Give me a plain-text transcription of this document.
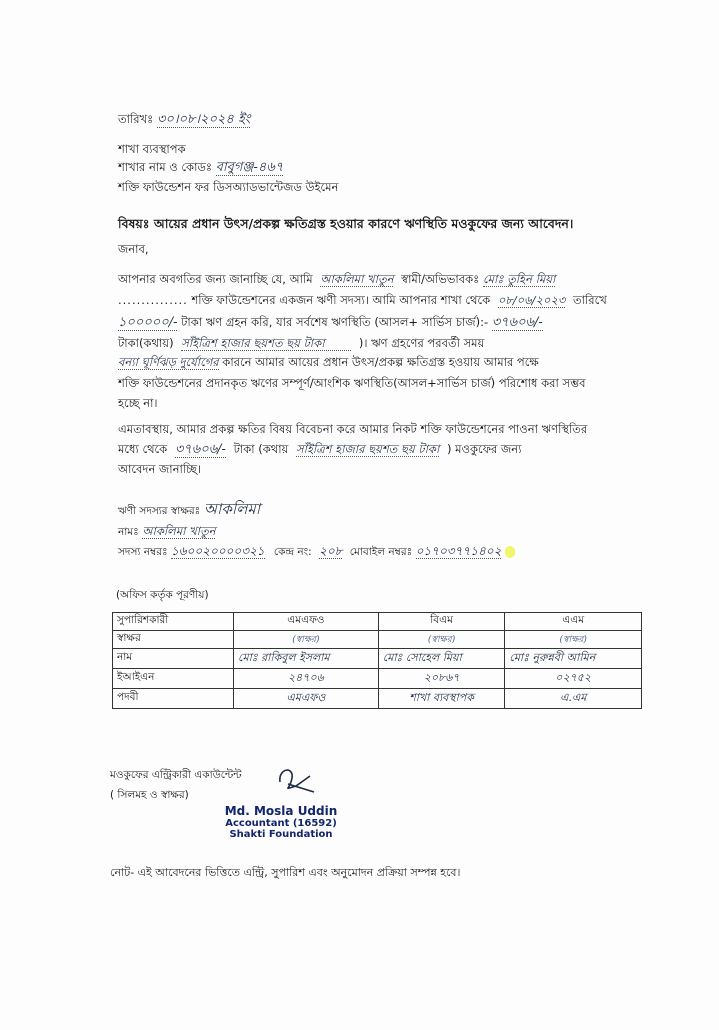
তারিখঃ ৩০।০৮।২০২৪ ইং
শাখা ব্যবস্থাপক
শাখার নাম ও কোডঃ বাবুগঞ্জ-৪৬৭
শক্তি ফাউন্ডেশন ফর ডিসঅ্যাডভান্টেজড উইমেন
বিষয়ঃ আয়ের প্রধান উৎস/প্রকল্প ক্ষতিগ্রস্ত হওয়ার কারণে ঋণস্থিতি মওকুফের জন্য আবেদন।
জনাব,
আপনার অবগতির জন্য জানাচ্ছি যে, আমি আকলিমা খাতুন স্বামী/অভিভাবকঃ মোঃ তুহিন মিয়া
............... শক্তি ফাউন্ডেশনের একজন ঋণী সদস্য। আমি আপনার শাখা থেকে ০৮/০৬/২০২৩ তারিখে
১০০০০০/- টাকা ঋণ গ্রহন করি, যার সর্বশেষ ঋণস্থিতি (আসল+ সার্ভিস চার্জ):- ৩৭৬০৬/-
টাকা(কথায়) সাঁইত্রিশ হাজার ছয়শত ছয় টাকা	)। ঋণ গ্রহণের পরবর্তী সময়
বন্যা ঘূর্ণিঝড় দুর্যোগের কারনে আমার আয়ের প্রধান উৎস/প্রকল্প ক্ষতিগ্রস্ত হওয়ায় আমার পক্ষে
শক্তি ফাউন্ডেশনের প্রদানকৃত ঋণের সম্পূর্ণ/আংশিক ঋণস্থিতি(আসল+সার্ভিস চার্জ) পরিশোধ করা সম্ভব
হচ্ছে না।
এমতাবস্থায়, আমার প্রকল্প ক্ষতির বিষয় বিবেচনা করে আমার নিকট শক্তি ফাউন্ডেশনের পাওনা ঋণস্থিতির
মধ্যে থেকে ৩৭৬০৬/- টাকা (কথায় সাঁইত্রিশ হাজার ছয়শত ছয় টাকা ) মওকুফের জন্য
আবেদন জানাচ্ছি।
ঋণী সদস্যর স্বাক্ষরঃ আকলিমা
নামঃ আকলিমা খাতুন
সদস্য নম্বরঃ ১৬০০২০০০০৩২১ কেন্দ্র নং: ২০৮ মোবাইল নম্বরঃ ০১৭০৩৭৭১৪০২
(অফিস কর্তৃক পূরণীয়)
সুপারিশকারী	এমএফও	বিএম	এএম
স্বাক্ষর	(স্বাক্ষর)	(স্বাক্ষর)	(স্বাক্ষর)
নাম	মোঃ রাকিবুল ইসলাম	মোঃ সোহেল মিয়া	মোঃ নুরুন্নবী আমিন
ইআইএন	২৪৭০৬	২০৮৬৭	০২৭৫২
পদবী	এমএফও	শাখা ব্যবস্থাপক	এ.এম
মওকুফের এন্ট্রিকারী একাউন্টেন্ট
( সিলমহ ও স্বাক্ষর)
Md. Mosla Uddin
Accountant (16592)
Shakti Foundation
নোট- এই আবেদনের ভিত্তিতে এন্ট্রি, সুপারিশ এবং অনুমোদন প্রক্রিয়া সম্পন্ন হবে।
